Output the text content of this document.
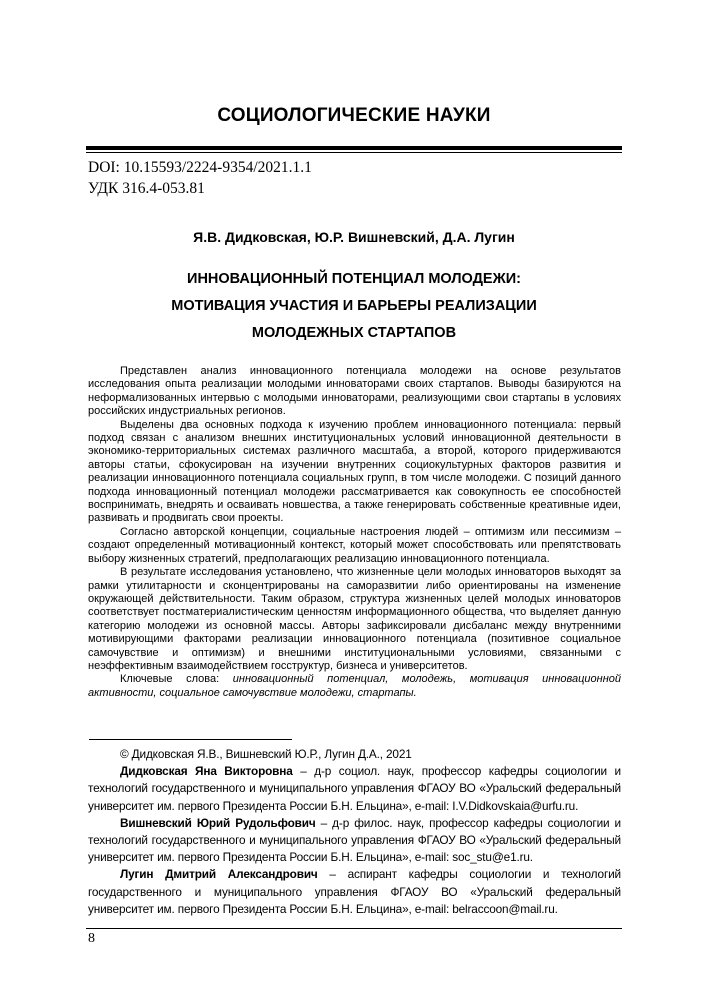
СОЦИОЛОГИЧЕСКИЕ НАУКИ
DOI: 10.15593/2224-9354/2021.1.1
УДК 316.4-053.81
Я.В. Дидковская, Ю.Р. Вишневский, Д.А. Лугин
ИННОВАЦИОННЫЙ ПОТЕНЦИАЛ МОЛОДЕЖИ:
МОТИВАЦИЯ УЧАСТИЯ И БАРЬЕРЫ РЕАЛИЗАЦИИ
МОЛОДЕЖНЫХ СТАРТАПОВ

Представлен анализ инновационного потенциала молодежи на основе результатов исследования опыта реализации молодыми инноваторами своих стартапов. Выводы базируются на неформализованных интервью с молодыми инноваторами, реализующими свои стартапы в условиях российских индустриальных регионов.

Выделены два основных подхода к изучению проблем инновационного потенциала: первый подход связан с анализом внешних институциональных условий инновационной деятельности в экономико-территориальных системах различного масштаба, а второй, которого придерживаются авторы статьи, сфокусирован на изучении внутренних социокультурных факторов развития и реализации инновационного потенциала социальных групп, в том числе молодежи. С позиций данного подхода инновационный потенциал молодежи рассматривается как совокупность ее способностей воспринимать, внедрять и осваивать новшества, а также генерировать собственные креативные идеи, развивать и продвигать свои проекты.

Согласно авторской концепции, социальные настроения людей – оптимизм или пессимизм – создают определенный мотивационный контекст, который может способствовать или препятствовать выбору жизненных стратегий, предполагающих реализацию инновационного потенциала.

В результате исследования установлено, что жизненные цели молодых инноваторов выходят за рамки утилитарности и сконцентрированы на саморазвитии либо ориентированы на изменение окружающей действительности. Таким образом, структура жизненных целей молодых инноваторов соответствует постматериалистическим ценностям информационного общества, что выделяет данную категорию молодежи из основной массы. Авторы зафиксировали дисбаланс между внутренними мотивирующими факторами реализации инновационного потенциала (позитивное социальное самочувствие и оптимизм) и внешними институциональными условиями, связанными с неэффективным взаимодействием госструктур, бизнеса и университетов.

Ключевые слова: инновационный потенциал, молодежь, мотивация инновационной активности, социальное самочувствие молодежи, стартапы.

© Дидковская Я.В., Вишневский Ю.Р., Лугин Д.А., 2021

Дидковская Яна Викторовна – д-р социол. наук, профессор кафедры социологии и технологий государственного и муниципального управления ФГАОУ ВО «Уральский федеральный университет им. первого Президента России Б.Н. Ельцина», e-mail: I.V.Didkovskaia@urfu.ru.

Вишневский Юрий Рудольфович – д-р филос. наук, профессор кафедры социологии и технологий государственного и муниципального управления ФГАОУ ВО «Уральский федеральный университет им. первого Президента России Б.Н. Ельцина», e-mail: soc_stu@e1.ru.

Лугин Дмитрий Александрович – аспирант кафедры социологии и технологий государственного и муниципального управления ФГАОУ ВО «Уральский федеральный университет им. первого Президента России Б.Н. Ельцина», e-mail: belraccoon@mail.ru.

8
